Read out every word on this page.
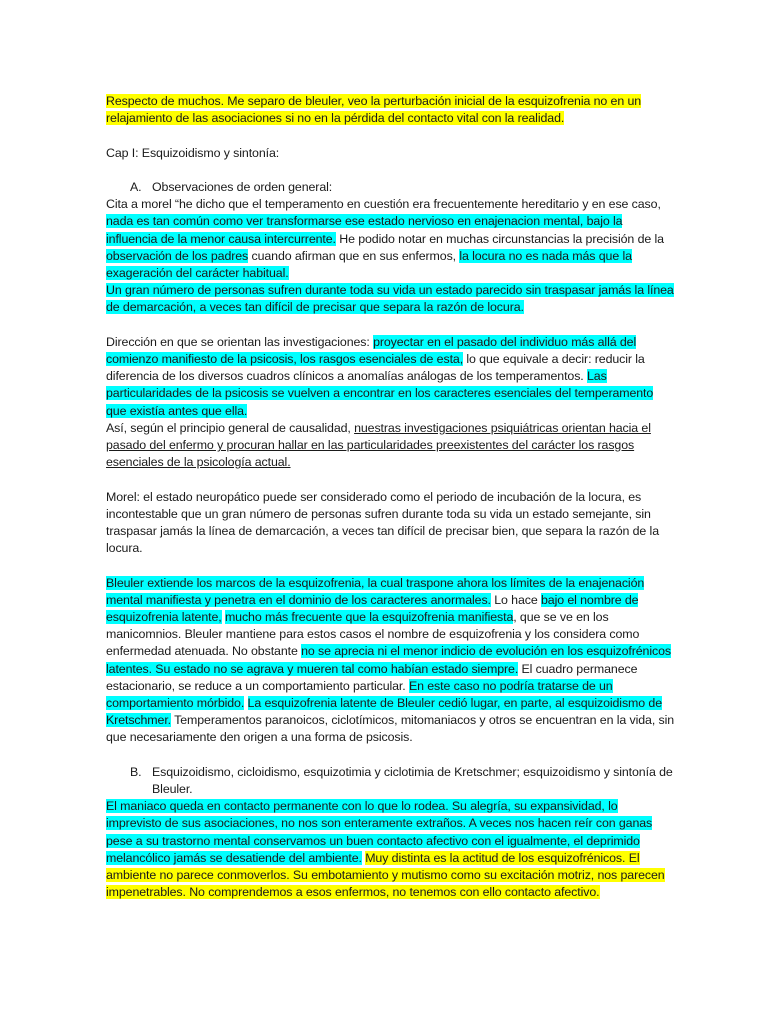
Respecto de muchos. Me separo de bleuler, veo la perturbación inicial de la esquizofrenia no en un relajamiento de las asociaciones si no en la pérdida del contacto vital con la realidad.

Cap I: Esquizoidismo y sintonía:

A. Observaciones de orden general:

Cita a morel “he dicho que el temperamento en cuestión era frecuentemente hereditario y en ese caso, nada es tan común como ver transformarse ese estado nervioso en enajenacion mental, bajo la influencia de la menor causa intercurrente. He podido notar en muchas circunstancias la precisión de la observación de los padres cuando afirman que en sus enfermos, la locura no es nada más que la exageración del carácter habitual.
Un gran número de personas sufren durante toda su vida un estado parecido sin traspasar jamás la línea de demarcación, a veces tan difícil de precisar que separa la razón de locura.

Dirección en que se orientan las investigaciones: proyectar en el pasado del individuo más allá del comienzo manifiesto de la psicosis, los rasgos esenciales de esta, lo que equivale a decir: reducir la diferencia de los diversos cuadros clínicos a anomalías análogas de los temperamentos. Las particularidades de la psicosis se vuelven a encontrar en los caracteres esenciales del temperamento que existía antes que ella.

Así, según el principio general de causalidad, nuestras investigaciones psiquiátricas orientan hacia el pasado del enfermo y procuran hallar en las particularidades preexistentes del carácter los rasgos esenciales de la psicología actual.

Morel: el estado neuropático puede ser considerado como el periodo de incubación de la locura, es incontestable que un gran número de personas sufren durante toda su vida un estado semejante, sin traspasar jamás la línea de demarcación, a veces tan difícil de precisar bien, que separa la razón de la locura.

Bleuler extiende los marcos de la esquizofrenia, la cual traspone ahora los límites de la enajenación mental manifiesta y penetra en el dominio de los caracteres anormales. Lo hace bajo el nombre de esquizofrenia latente, mucho más frecuente que la esquizofrenia manifiesta, que se ve en los manicomnios. Bleuler mantiene para estos casos el nombre de esquizofrenia y los considera como enfermedad atenuada. No obstante no se aprecia ni el menor indicio de evolución en los esquizofrénicos latentes. Su estado no se agrava y mueren tal como habían estado siempre. El cuadro permanece estacionario, se reduce a un comportamiento particular. En este caso no podría tratarse de un comportamiento mórbido. La esquizofrenia latente de Bleuler cedió lugar, en parte, al esquizoidismo de Kretschmer. Temperamentos paranoicos, ciclotímicos, mitomaniacos y otros se encuentran en la vida, sin que necesariamente den origen a una forma de psicosis.

B. Esquizoidismo, cicloidismo, esquizotimia y ciclotimia de Kretschmer; esquizoidismo y sintonía de Bleuler.

El maniaco queda en contacto permanente con lo que lo rodea. Su alegría, su expansividad, lo imprevisto de sus asociaciones, no nos son enteramente extraños. A veces nos hacen reír con ganas pese a su trastorno mental conservamos un buen contacto afectivo con el igualmente, el deprimido melancólico jamás se desatiende del ambiente. Muy distinta es la actitud de los esquizofrénicos. El ambiente no parece conmoverlos. Su embotamiento y mutismo como su excitación motriz, nos parecen impenetrables. No comprendemos a esos enfermos, no tenemos con ello contacto afectivo.
